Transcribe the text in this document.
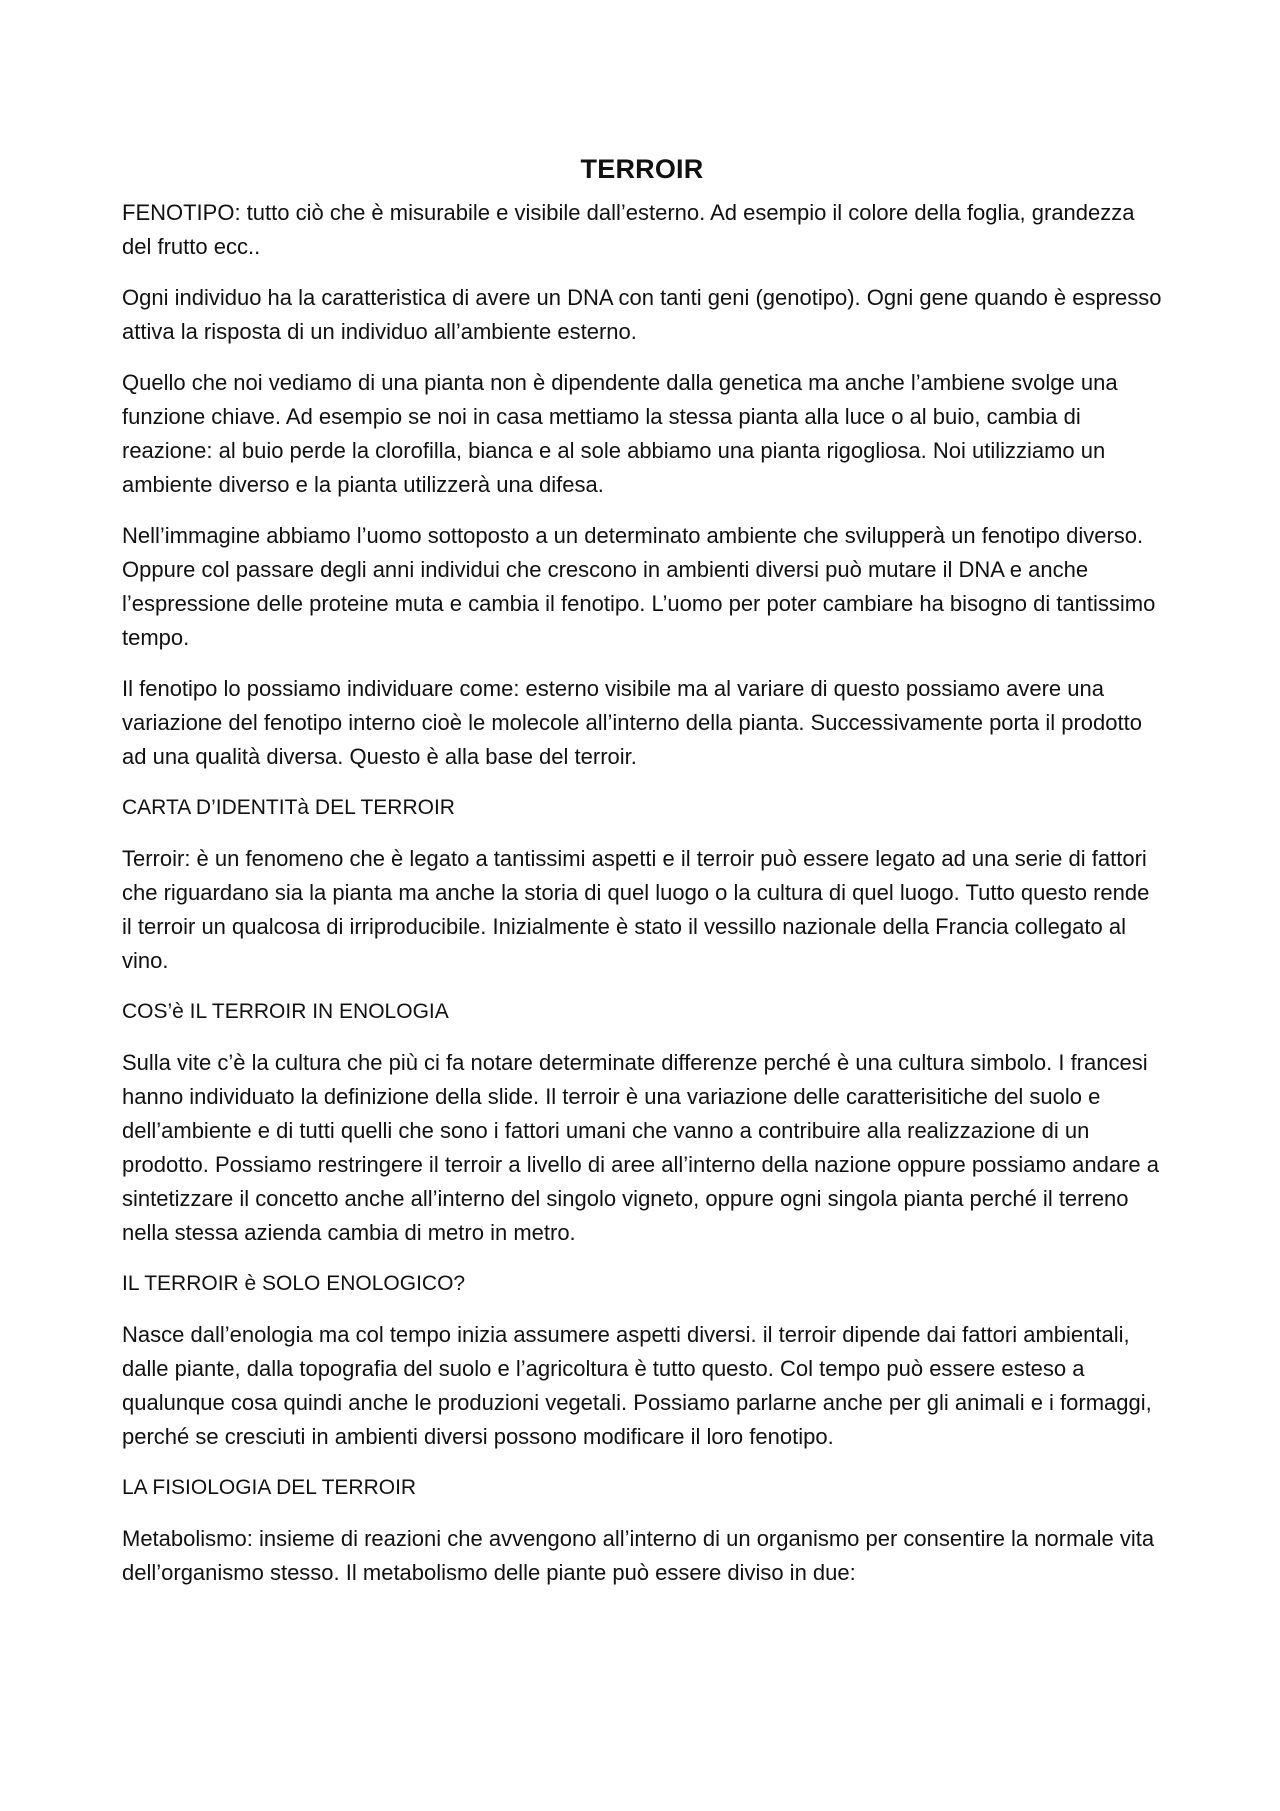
TERROIR

FENOTIPO: tutto ciò che è misurabile e visibile dall’esterno. Ad esempio il colore della foglia, grandezza del frutto ecc..

Ogni individuo ha la caratteristica di avere un DNA con tanti geni (genotipo). Ogni gene quando è espresso attiva la risposta di un individuo all’ambiente esterno.

Quello che noi vediamo di una pianta non è dipendente dalla genetica ma anche l’ambiene svolge una funzione chiave. Ad esempio se noi in casa mettiamo la stessa pianta alla luce o al buio, cambia di reazione: al buio perde la clorofilla, bianca e al sole abbiamo una pianta rigogliosa. Noi utilizziamo un ambiente diverso e la pianta utilizzerà una difesa.

Nell’immagine abbiamo l’uomo sottoposto a un determinato ambiente che svilupperà un fenotipo diverso. Oppure col passare degli anni individui che crescono in ambienti diversi può mutare il DNA e anche l’espressione delle proteine muta e cambia il fenotipo. L’uomo per poter cambiare ha bisogno di tantissimo tempo.

Il fenotipo lo possiamo individuare come: esterno visibile ma al variare di questo possiamo avere una variazione del fenotipo interno cioè le molecole all’interno della pianta. Successivamente porta il prodotto ad una qualità diversa. Questo è alla base del terroir.

CARTA D’IDENTITà DEL TERROIR

Terroir: è un fenomeno che è legato a tantissimi aspetti e il terroir può essere legato ad una serie di fattori che riguardano sia la pianta ma anche la storia di quel luogo o la cultura di quel luogo. Tutto questo rende il terroir un qualcosa di irriproducibile. Inizialmente è stato il vessillo nazionale della Francia collegato al vino.

COS’è IL TERROIR IN ENOLOGIA

Sulla vite c’è la cultura che più ci fa notare determinate differenze perché è una cultura simbolo. I francesi hanno individuato la definizione della slide. Il terroir è una variazione delle caratterisitiche del suolo e dell’ambiente e di tutti quelli che sono i fattori umani che vanno a contribuire alla realizzazione di un prodotto. Possiamo restringere il terroir a livello di aree all’interno della nazione oppure possiamo andare a sintetizzare il concetto anche all’interno del singolo vigneto, oppure ogni singola pianta perché il terreno nella stessa azienda cambia di metro in metro.

IL TERROIR è SOLO ENOLOGICO?

Nasce dall’enologia ma col tempo inizia assumere aspetti diversi. il terroir dipende dai fattori ambientali, dalle piante, dalla topografia del suolo e l’agricoltura è tutto questo. Col tempo può essere esteso a qualunque cosa quindi anche le produzioni vegetali. Possiamo parlarne anche per gli animali e i formaggi, perché se cresciuti in ambienti diversi possono modificare il loro fenotipo.

LA FISIOLOGIA DEL TERROIR

Metabolismo: insieme di reazioni che avvengono all’interno di un organismo per consentire la normale vita dell’organismo stesso. Il metabolismo delle piante può essere diviso in due:
